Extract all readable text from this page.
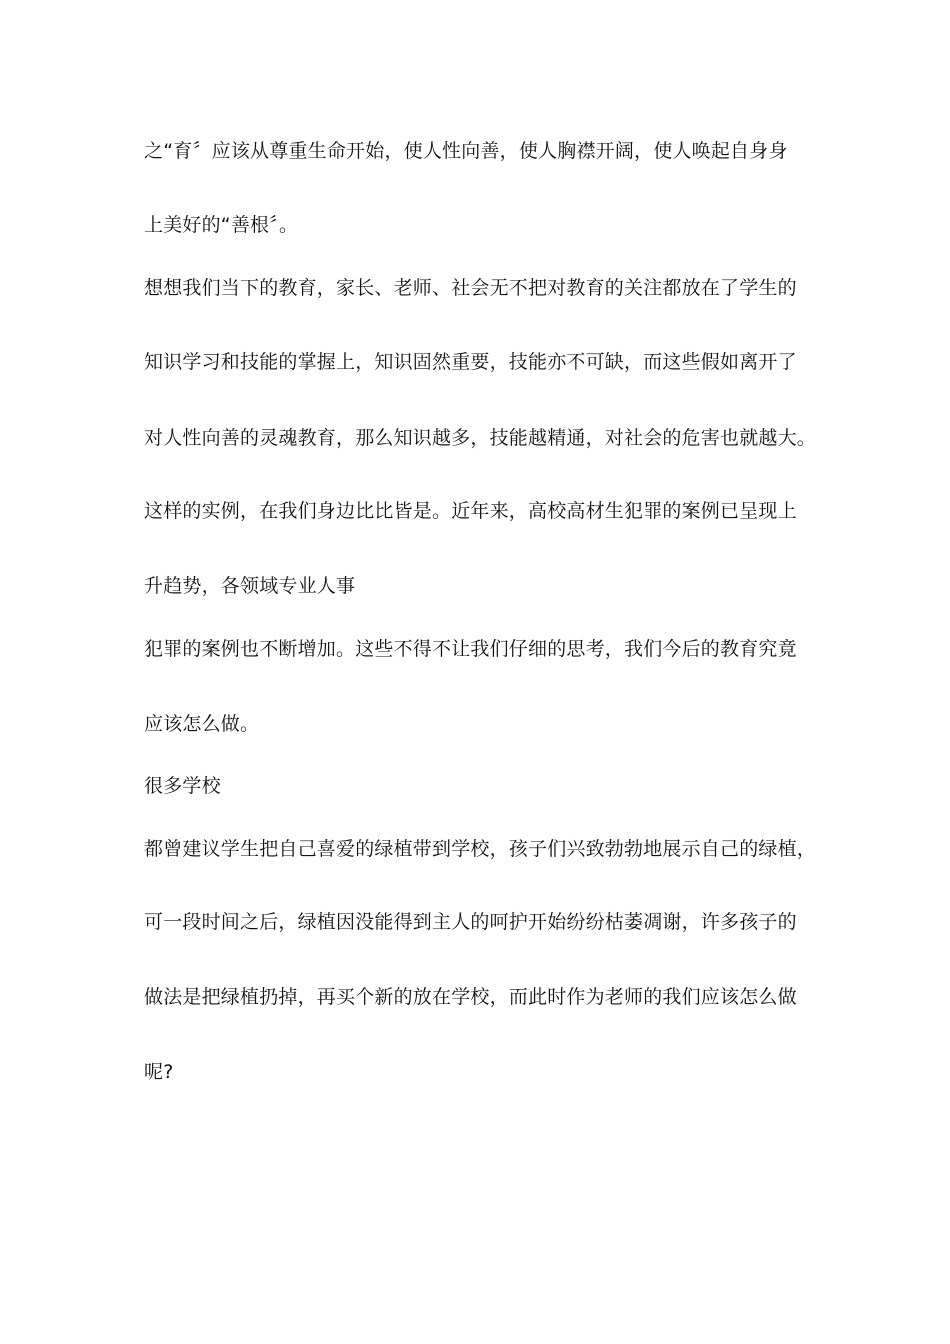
之“育〞应该从尊重生命开始，使人性向善，使人胸襟开阔，使人唤起自身身
上美好的“善根〞。
想想我们当下的教育，家长、老师、社会无不把对教育的关注都放在了学生的
知识学习和技能的掌握上，知识固然重要，技能亦不可缺，而这些假如离开了
对人性向善的灵魂教育，那么知识越多，技能越精通，对社会的危害也就越大。
这样的实例，在我们身边比比皆是。近年来，高校高材生犯罪的案例已呈现上
升趋势，各领域专业人事
犯罪的案例也不断增加。这些不得不让我们仔细的思考，我们今后的教育究竟
应该怎么做。
很多学校
都曾建议学生把自己喜爱的绿植带到学校，孩子们兴致勃勃地展示自己的绿植，
可一段时间之后，绿植因没能得到主人的呵护开始纷纷枯萎凋谢，许多孩子的
做法是把绿植扔掉，再买个新的放在学校，而此时作为老师的我们应该怎么做
呢?
